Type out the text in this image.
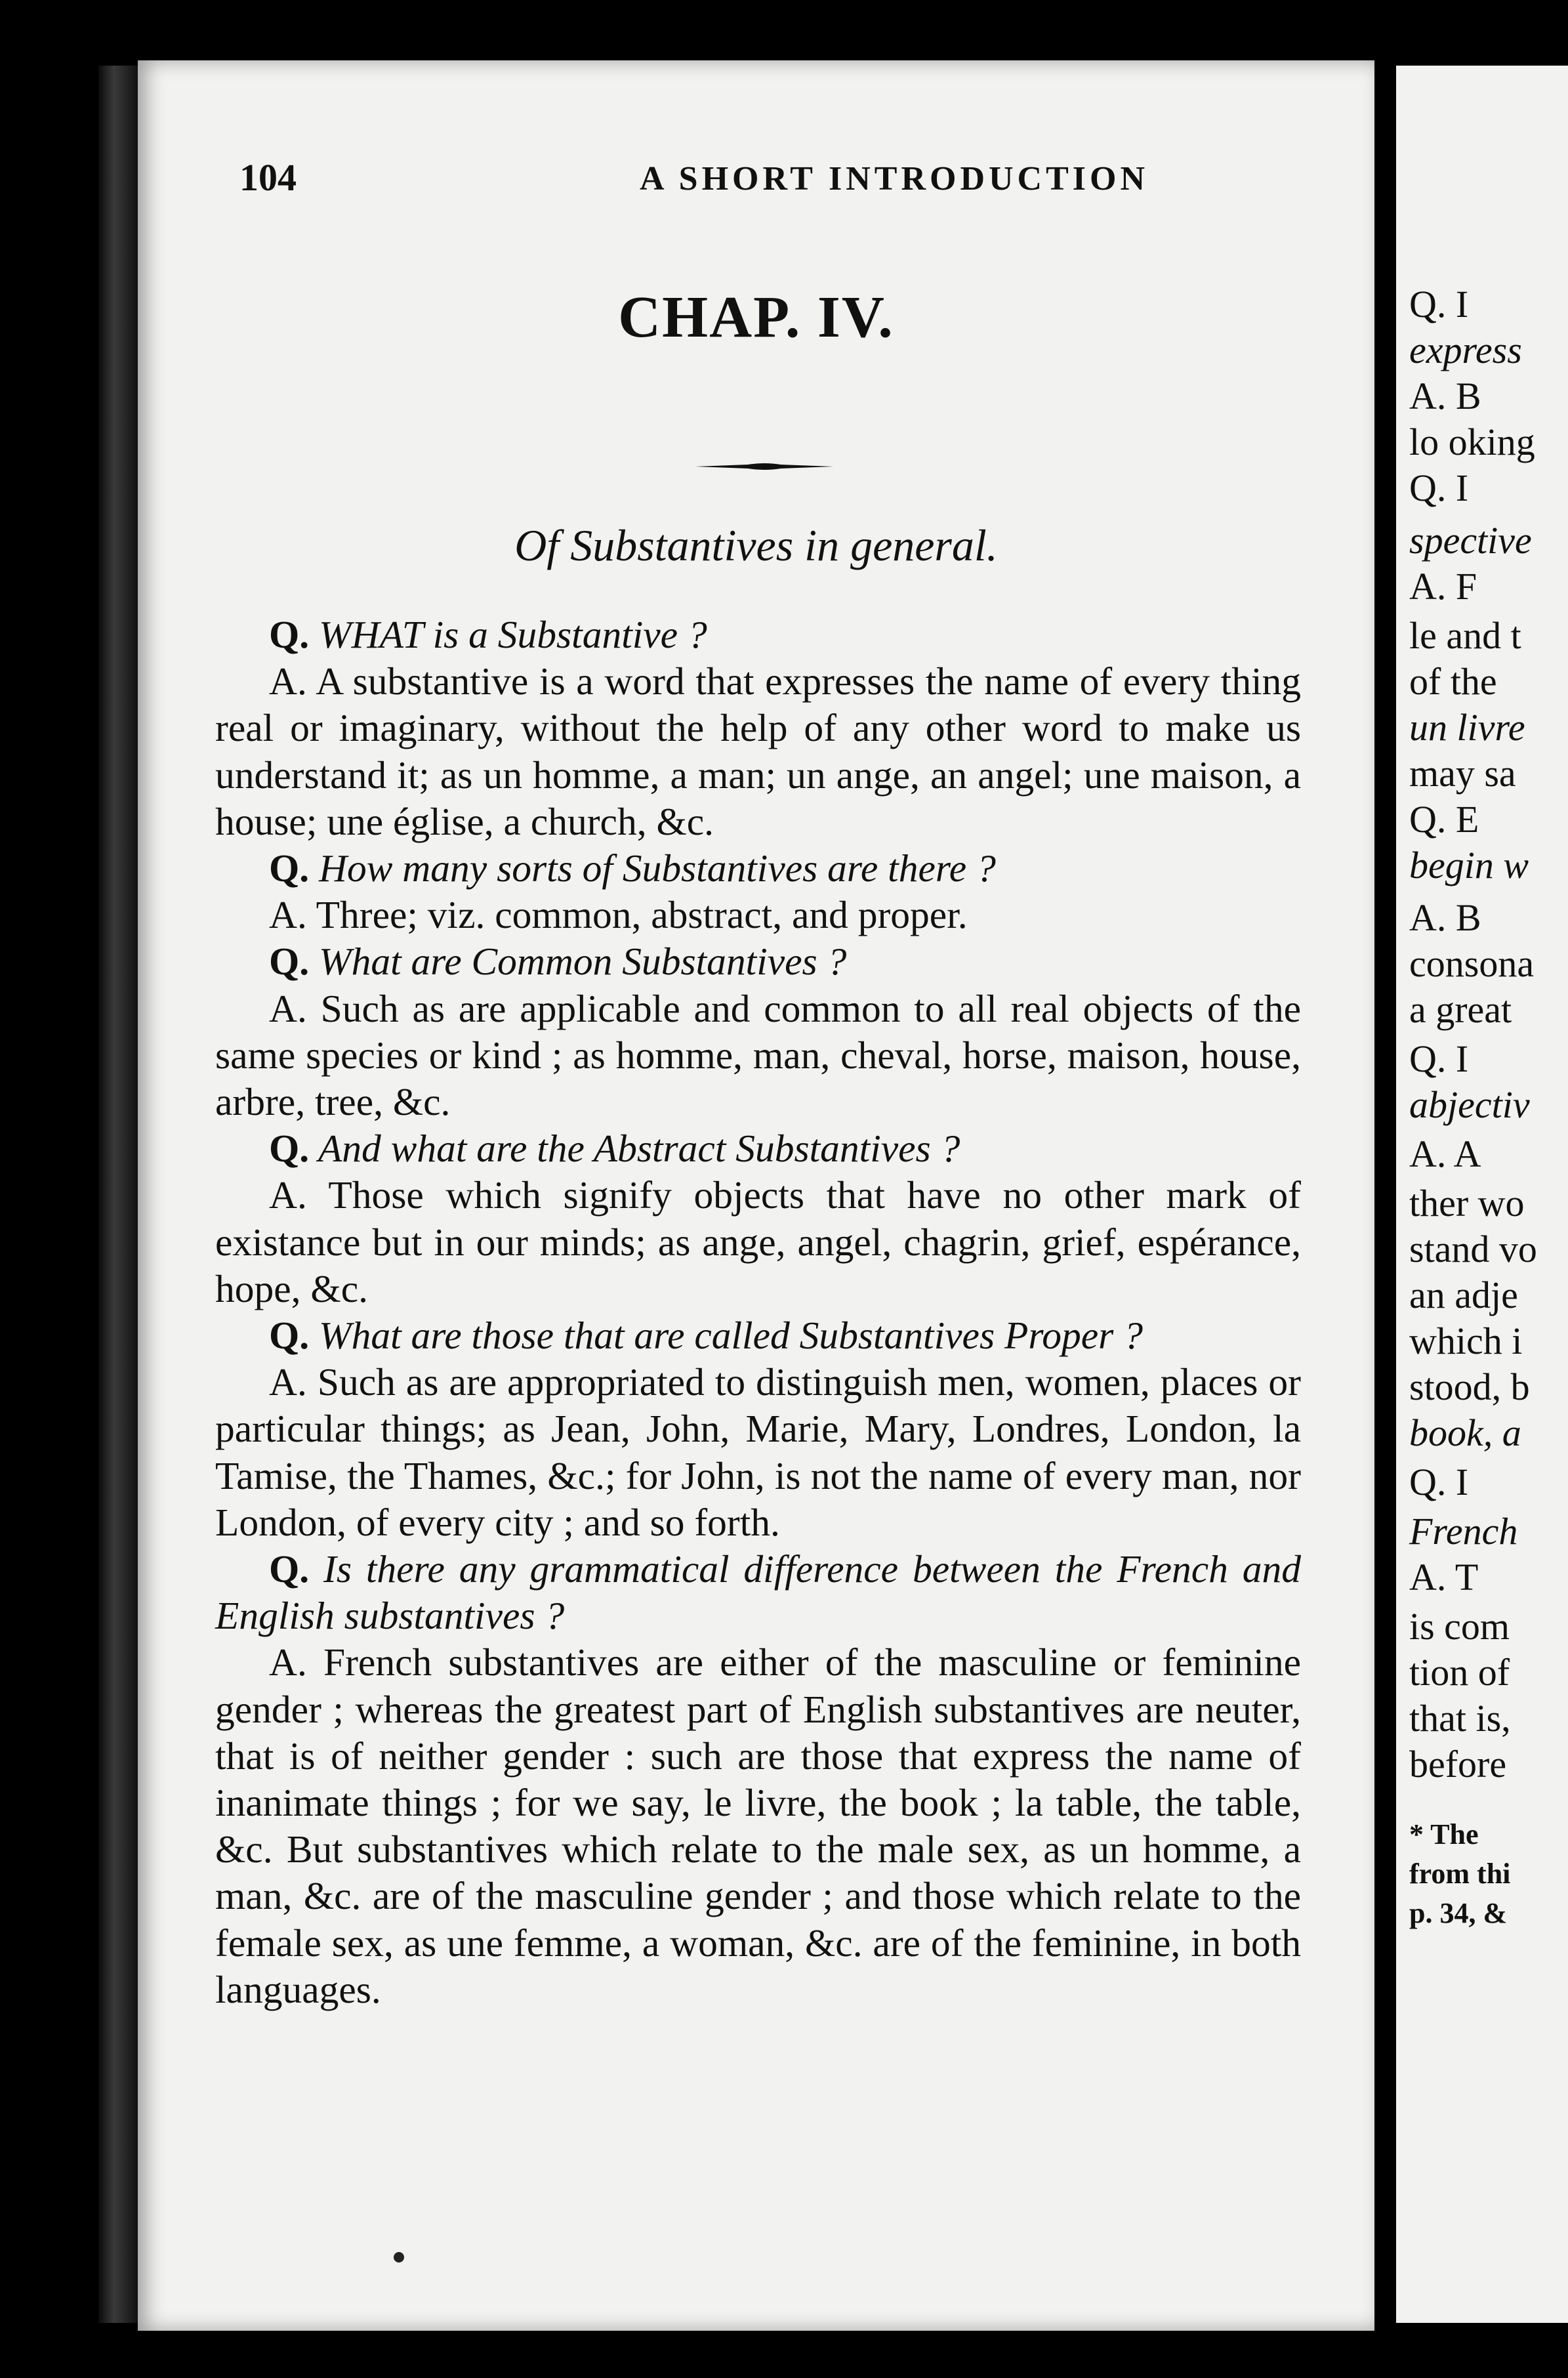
104	A SHORT INTRODUCTION
CHAP. IV.
Of Substantives in general.

Q. WHAT is a Substantive ?

A. A substantive is a word that expresses the name of every thing real or imaginary, without the help of any other word to make us understand it; as un homme, a man; un ange, an angel; une maison, a house; une église, a church, &c.

Q. How many sorts of Substantives are there ?

A. Three; viz. common, abstract, and proper.

Q. What are Common Substantives ?

A. Such as are applicable and common to all real objects of the same species or kind ; as homme, man, cheval, horse, maison, house, arbre, tree, &c.

Q. And what are the Abstract Substantives ?

A. Those which signify objects that have no other mark of existance but in our minds; as ange, angel, chagrin, grief, espérance, hope, &c.

Q. What are those that are called Substantives Proper ?

A. Such as are appropriated to distinguish men, women, places or particular things; as Jean, John, Marie, Mary, Londres, London, la Tamise, the Thames, &c.; for John, is not the name of every man, nor London, of every city ; and so forth.

Q. Is there any grammatical difference between the French and English substantives ?

A. French substantives are either of the masculine or feminine gender ; whereas the greatest part of English substantives are neuter, that is of neither gender : such are those that express the name of inanimate things ; for we say, le livre, the book ; la table, the table, &c. But substantives which relate to the male sex, as un homme, a man, &c. are of the masculine gender ; and those which relate to the female sex, as une femme, a woman, &c. are of the feminine, in both languages.

Q. I
express
A. B
lo oking
Q. I
spective
A. F
le and t
of the
un livre
may sa
Q. E
begin w
A. B
consona
a great
Q. I
abjectiv
A. A
ther wo
stand vo
an adje
which i
stood, b
book, a
Q. I
French
A. T
is com
tion of
that is,
before
* The
from thi
p. 34, &
